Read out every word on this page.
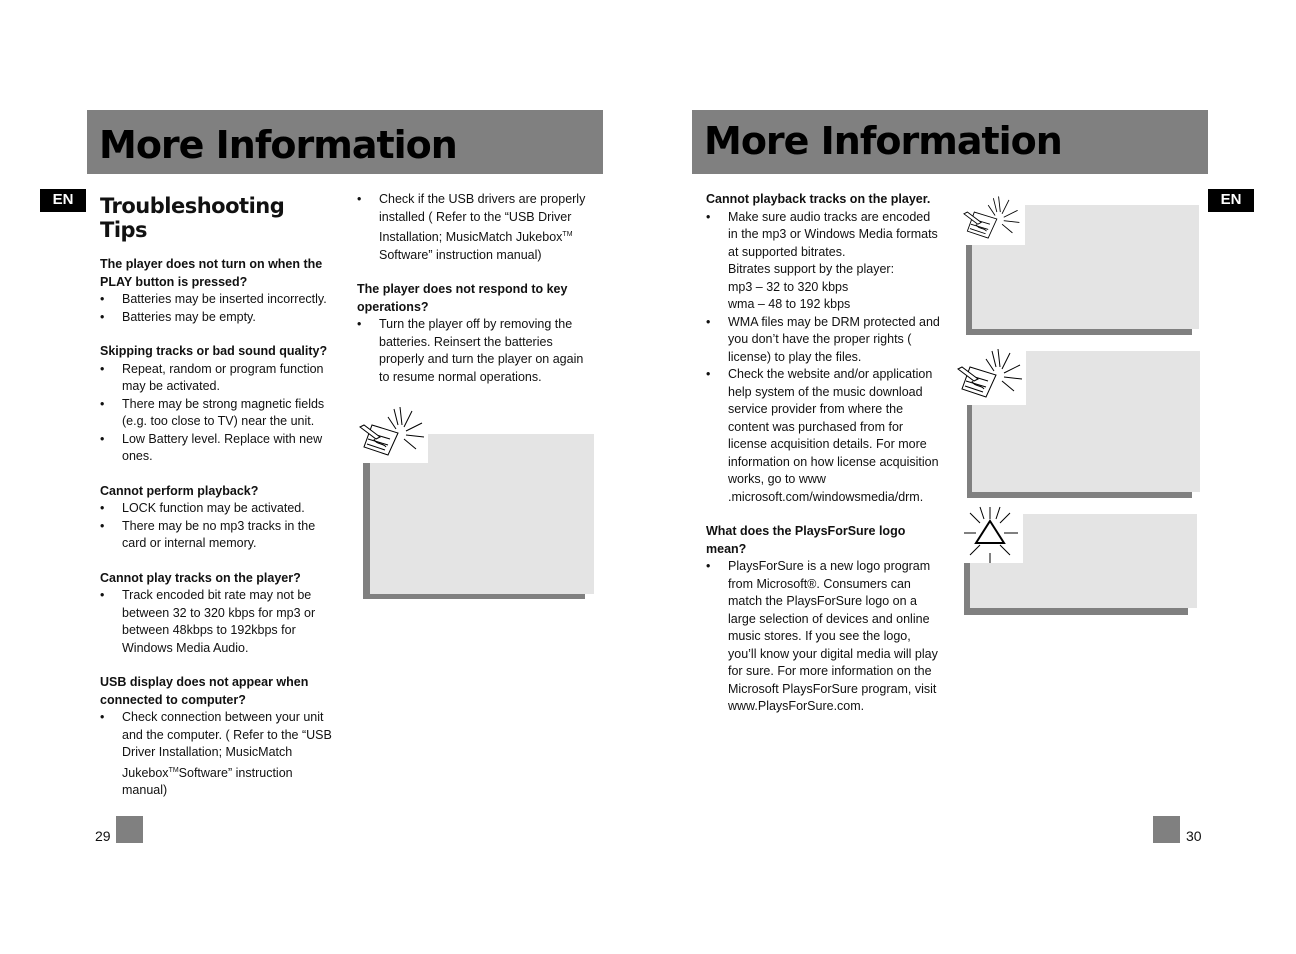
More Information
EN	Troubleshooting Tips

The player does not turn on when the PLAY button is pressed?

• Batteries may be inserted incorrectly.
• Batteries may be empty.

Skipping tracks or bad sound quality?

• Repeat, random or program function may be activated.
• There may be strong magnetic fields (e.g. too close to TV) near the unit.
• Low Battery level. Replace with new ones.

Cannot perform playback?

• LOCK function may be activated.
• There may be no mp3 tracks in the card or internal memory.

Cannot play tracks on the player?

• Track encoded bit rate may not be between 32 to 320 kbps for mp3 or between 48kbps to 192kbps for Windows Media Audio.

USB display does not appear when connected to computer?

• Check connection between your unit and the computer. ( Refer to the “USB Driver Installation; MusicMatch Jukebox™Software” instruction manual)
• Check if the USB drivers are properly installed ( Refer to the “USB Driver Installation; MusicMatch Jukebox™ Software” instruction manual)

The player does not respond to key operations?

• Turn the player off by removing the batteries. Reinsert the batteries properly and turn the player on again to resume normal operations.
29
More Information
EN

Cannot playback tracks on the player.

• Make sure audio tracks are encoded in the mp3 or Windows Media formats at supported bitrates.
Bitrates support by the player:
mp3 – 32 to 320 kbps
wma – 48 to 192 kbps
• WMA files may be DRM protected and you don’t have the proper rights ( license) to play the files.
• Check the website and/or application help system of the music download service provider from where the content was purchased from for license acquisition details. For more information on how license acquisition works, go to www .microsoft.com/windowsmedia/drm.

What does the PlaysForSure logo mean?

• PlaysForSure is a new logo program from Microsoft®. Consumers can match the PlaysForSure logo on a large selection of devices and online music stores. If you see the logo, you’ll know your digital media will play for sure. For more information on the Microsoft PlaysForSure program, visit www.PlaysForSure.com.
30
